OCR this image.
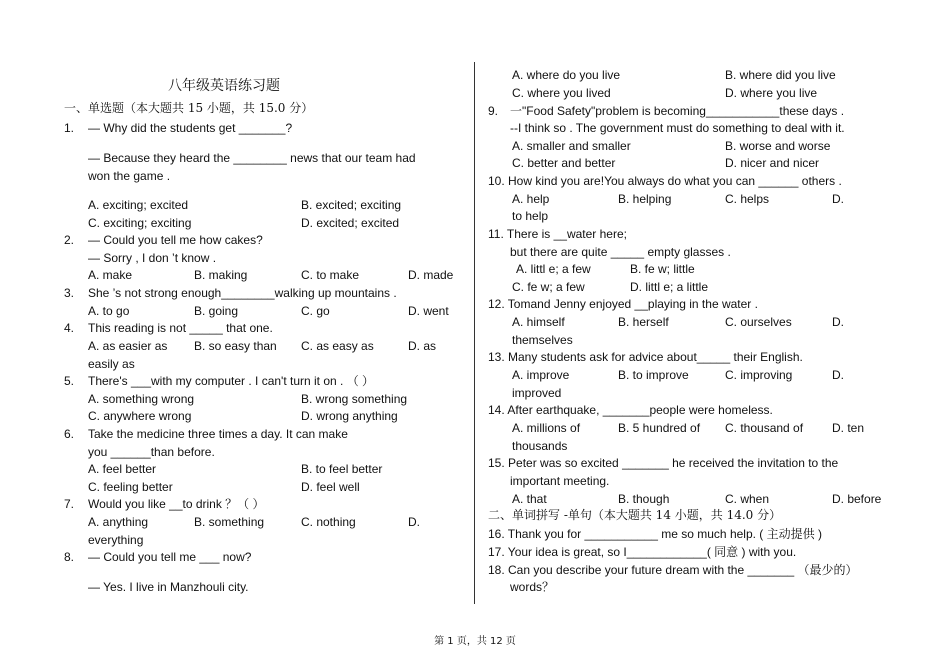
八年级英语练习题
一、单选题（本大题共 15 小题，共 15.0 分）
1. — Why did the students get _______?
— Because they heard the ________ news that our team had
won the game .
A. exciting; excited	B. excited; exciting
C. exciting; exciting	D. excited; excited
2. — Could you tell me how cakes?
— Sorry , I don ’t know .
A. make	B. making	C. to make	D. made
3. She ’s not strong enough________walking up mountains .
A. to go	B. going	C. go	D. went
4. This reading is not _____ that one.
A. as easier as B. so easy than C. as easy as	D. as
easily as
5. There's ___with my computer . I can't turn it on . （ ）
A. something wrong	B. wrong something
C. anywhere wrong	D. wrong anything
6. Take the medicine three times a day. It can make
you ______than before.
A. feel better	B. to feel better
C. feeling better	D. feel well
7. Would you like __to drink ？（ ）
A. anything	B. something	C. nothing	D.
everything
8. — Could you tell me ___ now?
— Yes. I live in Manzhouli city.
A. where do you live	B. where did you live
C. where you lived	D. where you live
9. 一"Food Safety"problem is becoming___________these days .
--I think so . The government must do something to deal with it.
A. smaller and smaller	B. worse and worse
C. better and better	D. nicer and nicer
10. How kind you are!You always do what you can ______ others .
A. help	B. helping	C. helps	D.
to help
11. There is __water here;
but there are quite _____ empty glasses .
A. littl e; a few	B. fe w; little
C. fe w; a few	D. littl e; a little
12. Tomand Jenny enjoyed __playing in the water .
A. himself	B. herself	C. ourselves	D.
themselves
13. Many students ask for advice about_____ their English.
A. improve	B. to improve	C. improving	D.
improved
14. After earthquake, _______people were homeless.
A. millions of	B. 5 hundred of C. thousand of D. ten
thousands
15. Peter was so excited _______ he received the invitation to the
important meeting.
A. that	B. though	C. when	D. before
二、单词拼写 -单句（本大题共 14 小题，共 14.0 分）
16. Thank you for ___________ me so much help. ( 主动提供 )
17. Your idea is great, so I____________( 同意 ) with you.
18. Can you describe your future dream with the _______ （最少的）
words？
第 1 页，共 12 页
